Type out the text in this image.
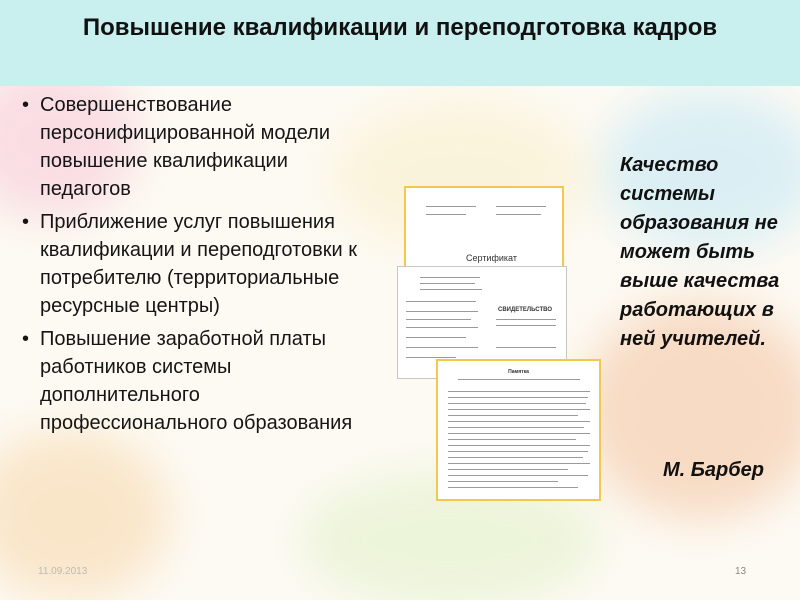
Повышение квалификации и переподготовка кадров
• Совершенствование персонифицированной модели повышение квалификации педагогов
• Приближение услуг повышения квалификации и переподготовки к потребителю (территориальные ресурсные центры)
• Повышение заработной платы работников системы дополнительного профессионального образования
Сертификат
СВИДЕТЕЛЬСТВО
Памятка
Качество системы образования не может быть выше качества работающих в ней учителей.
М. Барбер
11.09.2013	13
